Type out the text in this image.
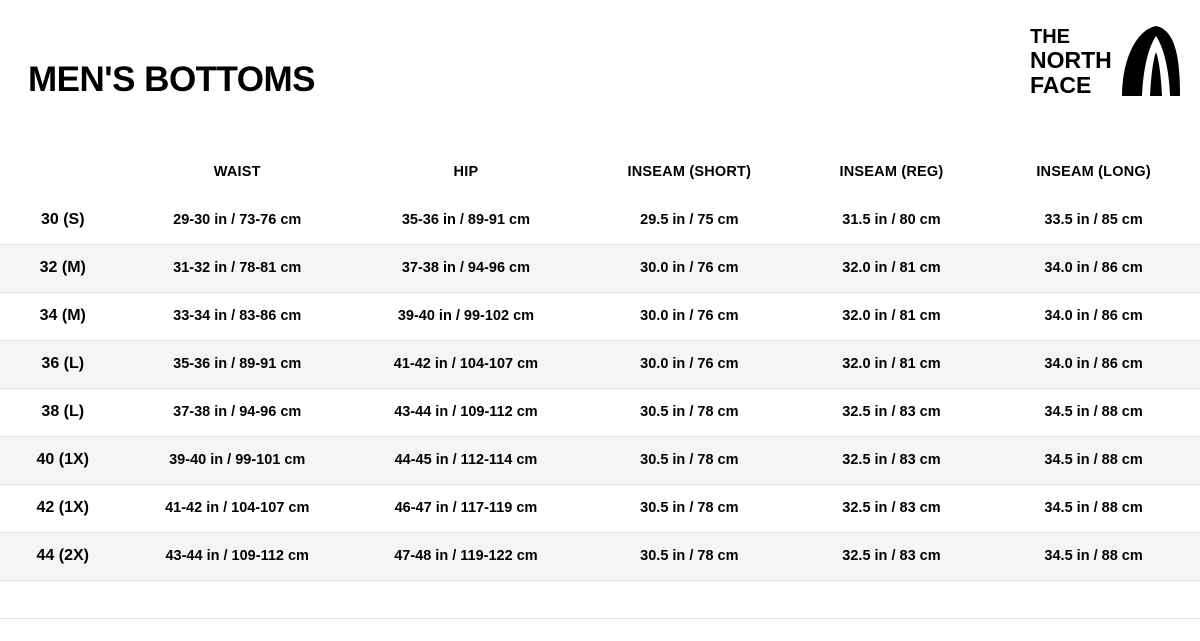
MEN'S BOTTOMS
THE
NORTH
FACE
	WAIST	HIP	INSEAM (SHORT)	INSEAM (REG)	INSEAM (LONG)
30 (S)	29-30 in / 73-76 cm	35-36 in / 89-91 cm	29.5 in / 75 cm	31.5 in / 80 cm	33.5 in / 85 cm
32 (M)	31-32 in / 78-81 cm	37-38 in / 94-96 cm	30.0 in / 76 cm	32.0 in / 81 cm	34.0 in / 86 cm
34 (M)	33-34 in / 83-86 cm	39-40 in / 99-102 cm	30.0 in / 76 cm	32.0 in / 81 cm	34.0 in / 86 cm
36 (L)	35-36 in / 89-91 cm	41-42 in / 104-107 cm	30.0 in / 76 cm	32.0 in / 81 cm	34.0 in / 86 cm
38 (L)	37-38 in / 94-96 cm	43-44 in / 109-112 cm	30.5 in / 78 cm	32.5 in / 83 cm	34.5 in / 88 cm
40 (1X)	39-40 in / 99-101 cm	44-45 in / 112-114 cm	30.5 in / 78 cm	32.5 in / 83 cm	34.5 in / 88 cm
42 (1X)	41-42 in / 104-107 cm	46-47 in / 117-119 cm	30.5 in / 78 cm	32.5 in / 83 cm	34.5 in / 88 cm
44 (2X)	43-44 in / 109-112 cm	47-48 in / 119-122 cm	30.5 in / 78 cm	32.5 in / 83 cm	34.5 in / 88 cm
